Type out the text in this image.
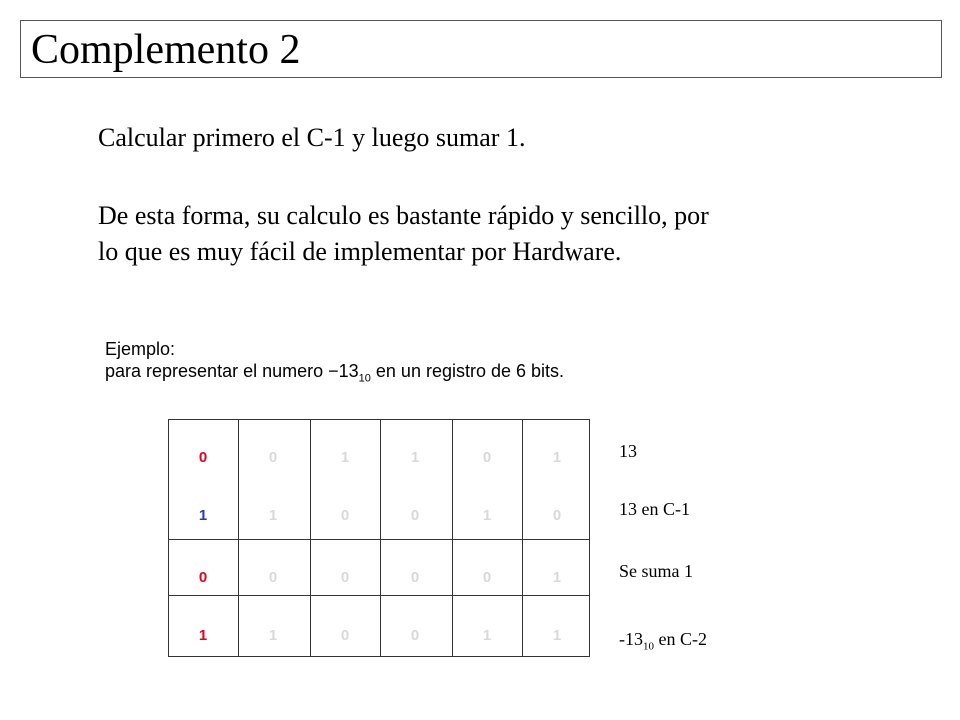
Complemento 2
Calcular primero el C-1 y luego sumar 1.
De esta forma, su calculo es bastante rápido y sencillo, por
lo que es muy fácil de implementar por Hardware.
Ejemplo:
para representar el numero $-13_{10}$ en un registro de 6 bits.
0	0	1	1	0	1
1	1	0	0	1	0
0	0	0	0	0	1
1	1	0	0	1	1
13
13 en C-1
Se suma 1
$-13_{10}$ en C-2
